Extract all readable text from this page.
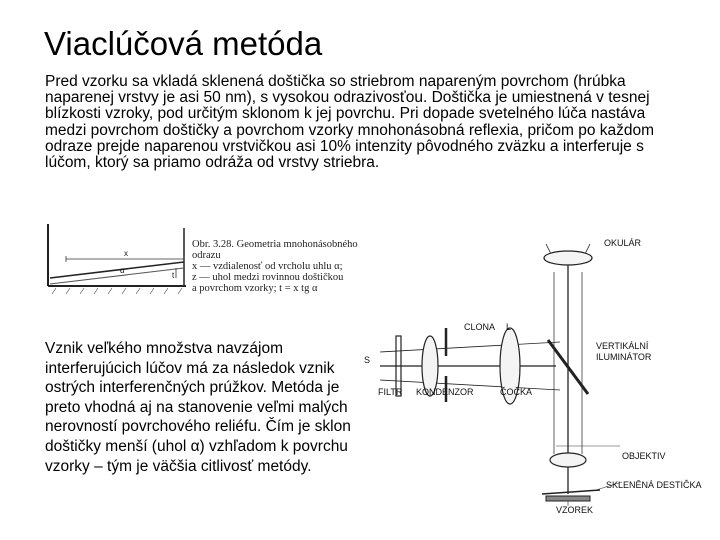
Viaclúčová metóda
Pred vzorku sa vkladá sklenená doštička so striebrom napareným povrchom (hrúbka naparenej vrstvy je asi 50 nm), s vysokou odrazivosťou. Doštička je umiestnená v tesnej blízkosti vzroky, pod určitým sklonom k jej povrchu. Pri dopade svetelného lúča nastáva medzi povrchom doštičky a povrchom vzorky mnohonásobná reflexia, pričom po každom odraze prejde naparenou vrstvičkou asi 10% intenzity pôvodného zväzku a interferuje s lúčom, ktorý sa priamo odráža od vrstvy striebra.
x
α
t
Obr. 3.28. Geometria mnohonásobného
odrazu
x — vzdialenosť od vrcholu uhlu α;
z — uhol medzi rovinnou doštičkou
a povrchom vzorky; t = x tg α
Vznik veľkého množstva navzájom interferujúcich lúčov má za následok vznik ostrých interferenčných prúžkov. Metóda je preto vhodná aj na stanovenie veľmi malých nerovností povrchového reliéfu. Čím je sklon doštičky menší (uhol α) vzhľadom k povrchu vzorky – tým je väčšia citlivosť metódy.
S
CLONA L
OKULÁR
VERTIKÁLNÍ
ILUMINÁTOR
FILTR KONDENZOR	ČOČKA
OBJEKTIV
SKLENĚNÁ DESTIČKA
VZOREK
